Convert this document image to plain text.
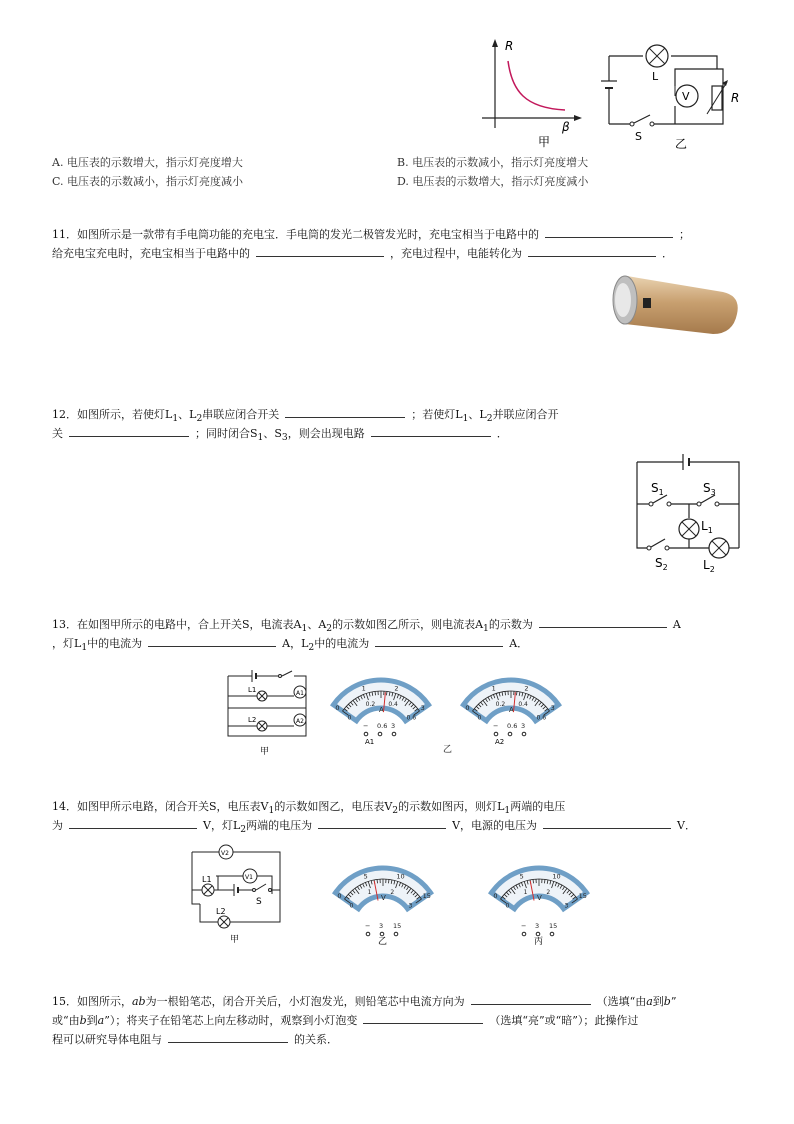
R
β
甲
L
S
V	R
乙
A. 电压表的示数增大，指示灯亮度增大	B. 电压表的示数减小，指示灯亮度增大
C. 电压表的示数减小，指示灯亮度减小	D. 电压表的示数增大，指示灯亮度减小
11．如图所示是一款带有手电筒功能的充电宝．手电筒的发光二极管发光时，充电宝相当于电路中的	；
给充电宝充电时，充电宝相当于电路中的	，充电过程中，电能转化为	．
12．如图所示，若使灯$L_1$、$L_2$串联应闭合开关	；若使灯$L_1$、$L_2$并联应闭合开
关	；同时闭合$S_1$、$S_3$，则会出现电路	．
$S_1$	$S_3$
$L_1$
$S_2$	$L_2$
13．在如图甲所示的电路中，合上开关S，电流表$A_1$、$A_2$的示数如图乙所示，则电流表$A_1$的示数为	A
，灯$L_1$中的电流为	A，$L_2$中的电流为	A．
L1
L2
A1
A2
甲
0
1	2
3
0
0.2 0.4
0.6
A
− 0.6 3
A1
0
1	2
3
0
0.2 0.4
0.6
A
− 0.6 3
A2
乙
14．如图甲所示电路，闭合开关S，电压表$V_1$的示数如图乙，电压表$V_2$的示数如图丙，则灯$L_1$两端的电压
为	V，灯$L_2$两端的电压为	V，电源的电压为	V．
V2
V1
L1
L2
S
甲
0
5	10
15
0
1	2
3
V
− 3 15
乙
0
5	10
15
0
1	2
3
V
− 3 15
丙
15．如图所示，ab为一根铅笔芯，闭合开关后，小灯泡发光，则铅笔芯中电流方向为	（选填“由a到b”
或“由b到a”）；将夹子在铅笔芯上向左移动时，观察到小灯泡变	（选填“亮”或“暗”）；此操作过
程可以研究导体电阻与	的关系．
